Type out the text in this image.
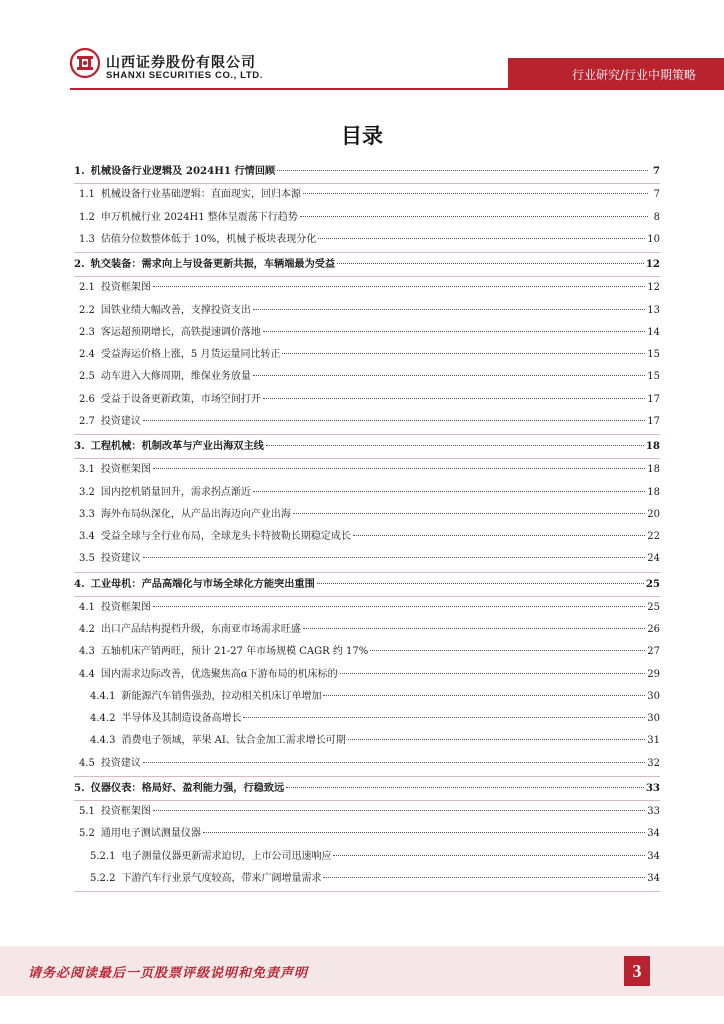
山西证券股份有限公司
SHANXI SECURITIES CO., LTD.	行业研究/行业中期策略
目录
1. 机械设备行业逻辑及 2024H1 行情回顾	7
1.1 机械设备行业基础逻辑：直面现实，回归本源	7
1.2 申万机械行业 2024H1 整体呈震荡下行趋势	8
1.3 估值分位数整体低于 10%，机械子板块表现分化	10
2. 轨交装备：需求向上与设备更新共振，车辆端最为受益	12
2.1 投资框架图	12
2.2 国铁业绩大幅改善，支撑投资支出	13
2.3 客运超预期增长，高铁提速调价落地	14
2.4 受益海运价格上涨，5 月货运量同比转正	15
2.5 动车进入大修周期，维保业务放量	15
2.6 受益于设备更新政策，市场空间打开	17
2.7 投资建议	17
3. 工程机械：机制改革与产业出海双主线	18
3.1 投资框架图	18
3.2 国内挖机销量回升，需求拐点渐近	18
3.3 海外布局纵深化，从产品出海迈向产业出海	20
3.4 受益全球与全行业布局，全球龙头卡特彼勒长期稳定成长	22
3.5 投资建议	24
4. 工业母机：产品高端化与市场全球化方能突出重围	25
4.1 投资框架图	25
4.2 出口产品结构提档升级，东南亚市场需求旺盛	26
4.3 五轴机床产销两旺，预计 21-27 年市场规模 CAGR 约 17%	27
4.4 国内需求边际改善，优选聚焦高α下游布局的机床标的	29
4.4.1 新能源汽车销售强劲，拉动相关机床订单增加	30
4.4.2 半导体及其制造设备高增长	30
4.4.3 消费电子领域，苹果 AI、钛合金加工需求增长可期	31
4.5 投资建议	32
5. 仪器仪表：格局好、盈利能力强，行稳致远	33
5.1 投资框架图	33
5.2 通用电子测试测量仪器	34
5.2.1 电子测量仪器更新需求迫切，上市公司迅速响应	34
5.2.2 下游汽车行业景气度较高，带来广阔增量需求	34
请务必阅读最后一页股票评级说明和免责声明	3
